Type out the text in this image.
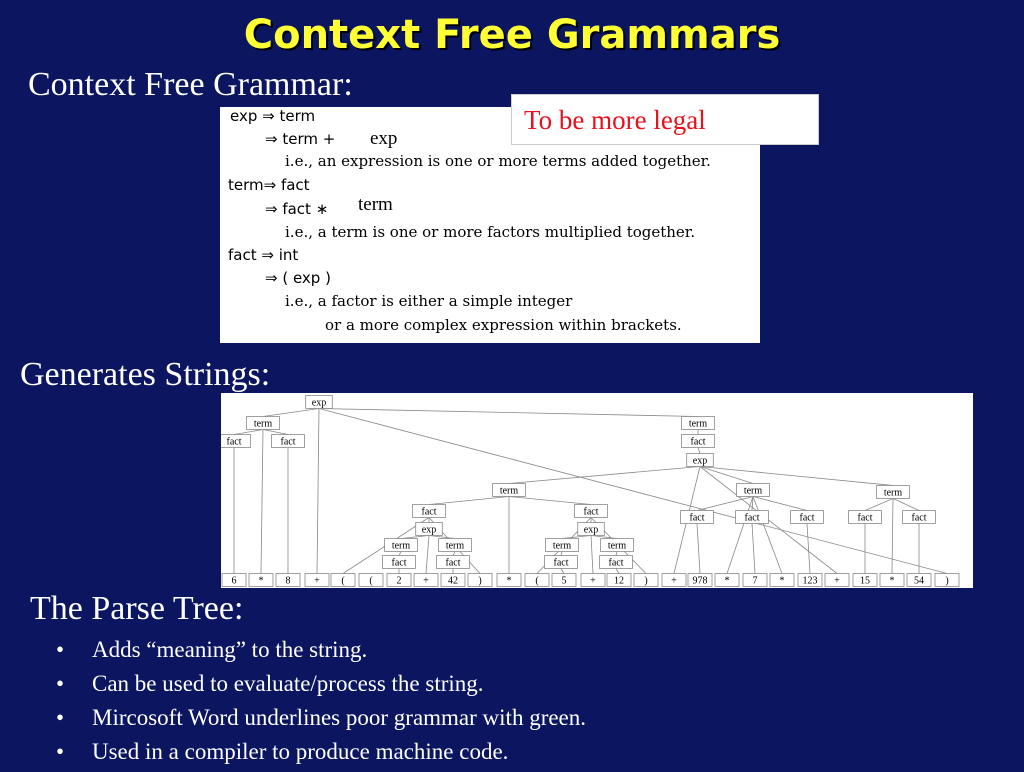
Context Free Grammars
Context Free Grammar:
exp ⇒ term
⇒ term +
i.e., an expression is one or more terms added together.
term⇒ fact
⇒ fact ∗
i.e., a term is one or more factors multiplied together.
fact ⇒ int
⇒ ( exp )
i.e., a factor is either a simple integer
or a more complex expression within brackets.
exp
term
To be more legal
Generates Strings:
exp
term
fact	fact
term
fact
exp
term
fact
exp
term
fact
term
fact
fact
exp
term
fact
term
fact
term
fact	fact	fact
term
fact	fact
6 * 8 + ( ( 2 + 42 ) * ( 5 + 12 ) + 978 * 7 * 123 + 15 * 54 )
The Parse Tree:
• Adds “meaning” to the string.
• Can be used to evaluate/process the string.
• Mircosoft Word underlines poor grammar with green.
• Used in a compiler to produce machine code.
